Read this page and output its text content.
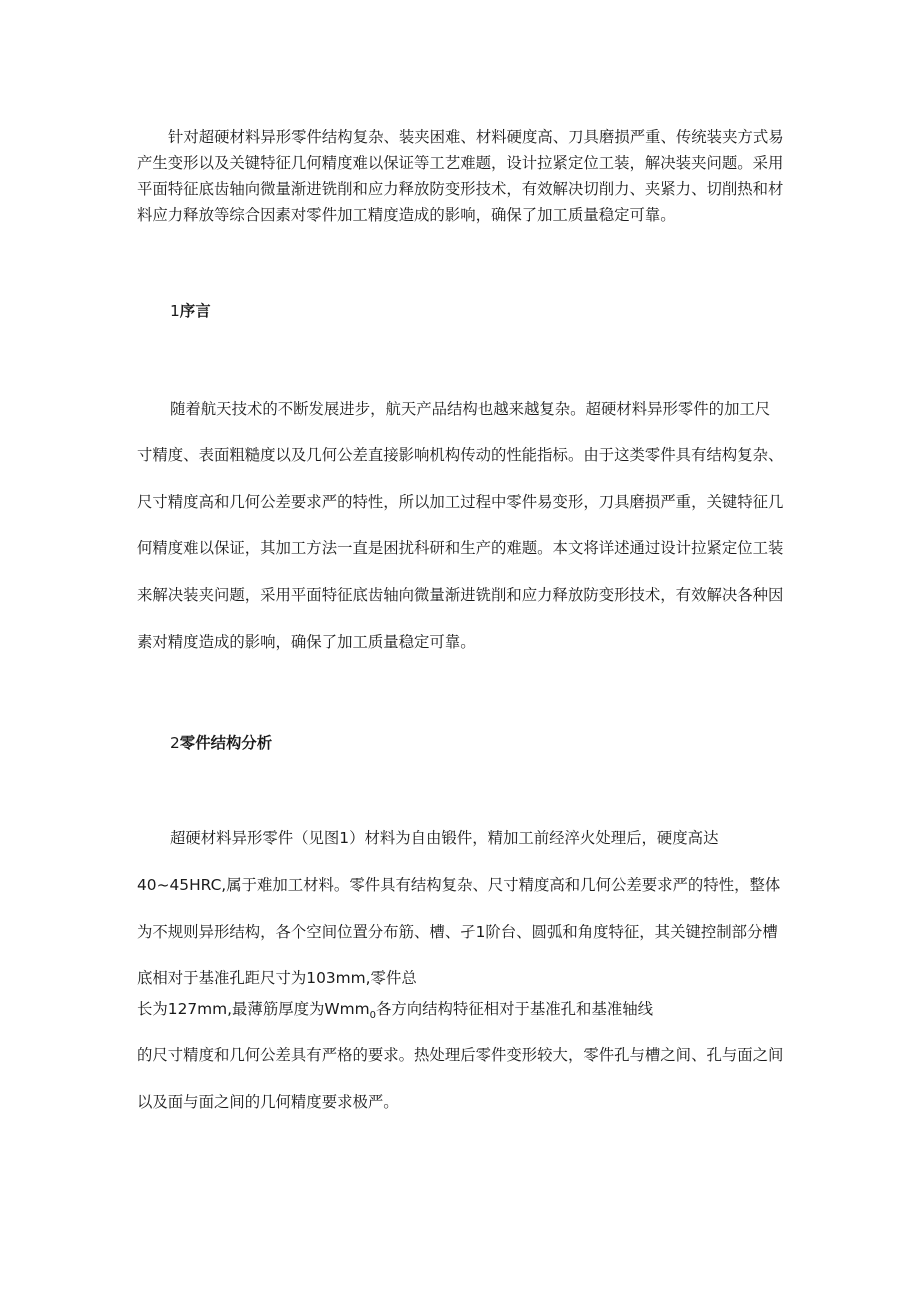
针对超硬材料异形零件结构复杂、装夹困难、材料硬度高、刀具磨损严重、传统装夹方式易
产生变形以及关键特征几何精度难以保证等工艺难题，设计拉紧定位工装，解决装夹问题。采用
平面特征底齿轴向微量渐进铣削和应力释放防变形技术，有效解决切削力、夹紧力、切削热和材
料应力释放等综合因素对零件加工精度造成的影响，确保了加工质量稳定可靠。
1序言
随着航天技术的不断发展进步，航天产品结构也越来越复杂。超硬材料异形零件的加工尺
寸精度、表面粗糙度以及几何公差直接影响机构传动的性能指标。由于这类零件具有结构复杂、
尺寸精度高和几何公差要求严的特性，所以加工过程中零件易变形，刀具磨损严重，关键特征几
何精度难以保证，其加工方法一直是困扰科研和生产的难题。本文将详述通过设计拉紧定位工装
来解决装夹问题，采用平面特征底齿轴向微量渐进铣削和应力释放防变形技术，有效解决各种因
素对精度造成的影响，确保了加工质量稳定可靠。
2零件结构分析
超硬材料异形零件（见图1）材料为自由锻件，精加工前经淬火处理后，硬度高达
40~45HRC,属于难加工材料。零件具有结构复杂、尺寸精度高和几何公差要求严的特性，整体
为不规则异形结构，各个空间位置分布筋、槽、孑1阶台、圆弧和角度特征，其关键控制部分槽
底相对于基准孔距尺寸为103mm,零件总
长为127mm,最薄筋厚度为Wmm$_0$各方向结构特征相对于基准孔和基准轴线
的尺寸精度和几何公差具有严格的要求。热处理后零件变形较大，零件孔与槽之间、孔与面之间
以及面与面之间的几何精度要求极严。
